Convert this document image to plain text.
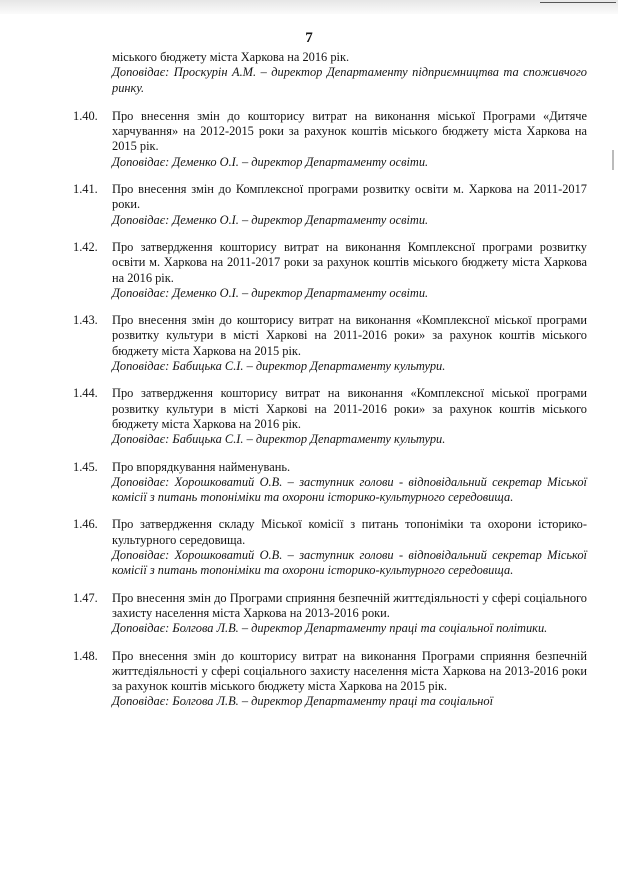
7
міського бюджету міста Харкова на 2016 рік.
Доповідає: Проскурін А.М. – директор Департаменту підприємництва та споживчого ринку.
1.40.	Про внесення змін до кошторису витрат на виконання міської Програми «Дитяче харчування» на 2012-2015 роки за рахунок коштів міського бюджету міста Харкова на 2015 рік.
Доповідає: Деменко О.І. – директор Департаменту освіти.
1.41.	Про внесення змін до Комплексної програми розвитку освіти м. Харкова на 2011-2017 роки.
Доповідає: Деменко О.І. – директор Департаменту освіти.
1.42.	Про затвердження кошторису витрат на виконання Комплексної програми розвитку освіти м. Харкова на 2011-2017 роки за рахунок коштів міського бюджету міста Харкова на 2016 рік.
Доповідає: Деменко О.І. – директор Департаменту освіти.
1.43.	Про внесення змін до кошторису витрат на виконання «Комплексної міської програми розвитку культури в місті Харкові на 2011-2016 роки» за рахунок коштів міського бюджету міста Харкова на 2015 рік.
Доповідає: Бабицька С.І. – директор Департаменту культури.
1.44.	Про затвердження кошторису витрат на виконання «Комплексної міської програми розвитку культури в місті Харкові на 2011-2016 роки» за рахунок коштів міського бюджету міста Харкова на 2016 рік.
Доповідає: Бабицька С.І. – директор Департаменту культури.
1.45.	Про впорядкування найменувань.
Доповідає: Хорошковатий О.В. – заступник голови - відповідальний секретар Міської комісії з питань топоніміки та охорони історико-культурного середовища.
1.46.	Про затвердження складу Міської комісії з питань топоніміки та охорони історико-культурного середовища.
Доповідає: Хорошковатий О.В. – заступник голови - відповідальний секретар Міської комісії з питань топоніміки та охорони історико-культурного середовища.
1.47.	Про внесення змін до Програми сприяння безпечній життєдіяльності у сфері соціального захисту населення міста Харкова на 2013-2016 роки.
Доповідає: Болгова Л.В. – директор Департаменту праці та соціальної політики.
1.48.	Про внесення змін до кошторису витрат на виконання Програми сприяння безпечній життєдіяльності у сфері соціального захисту населення міста Харкова на 2013-2016 роки за рахунок коштів міського бюджету міста Харкова на 2015 рік.
Доповідає: Болгова Л.В. – директор Департаменту праці та соціальної
